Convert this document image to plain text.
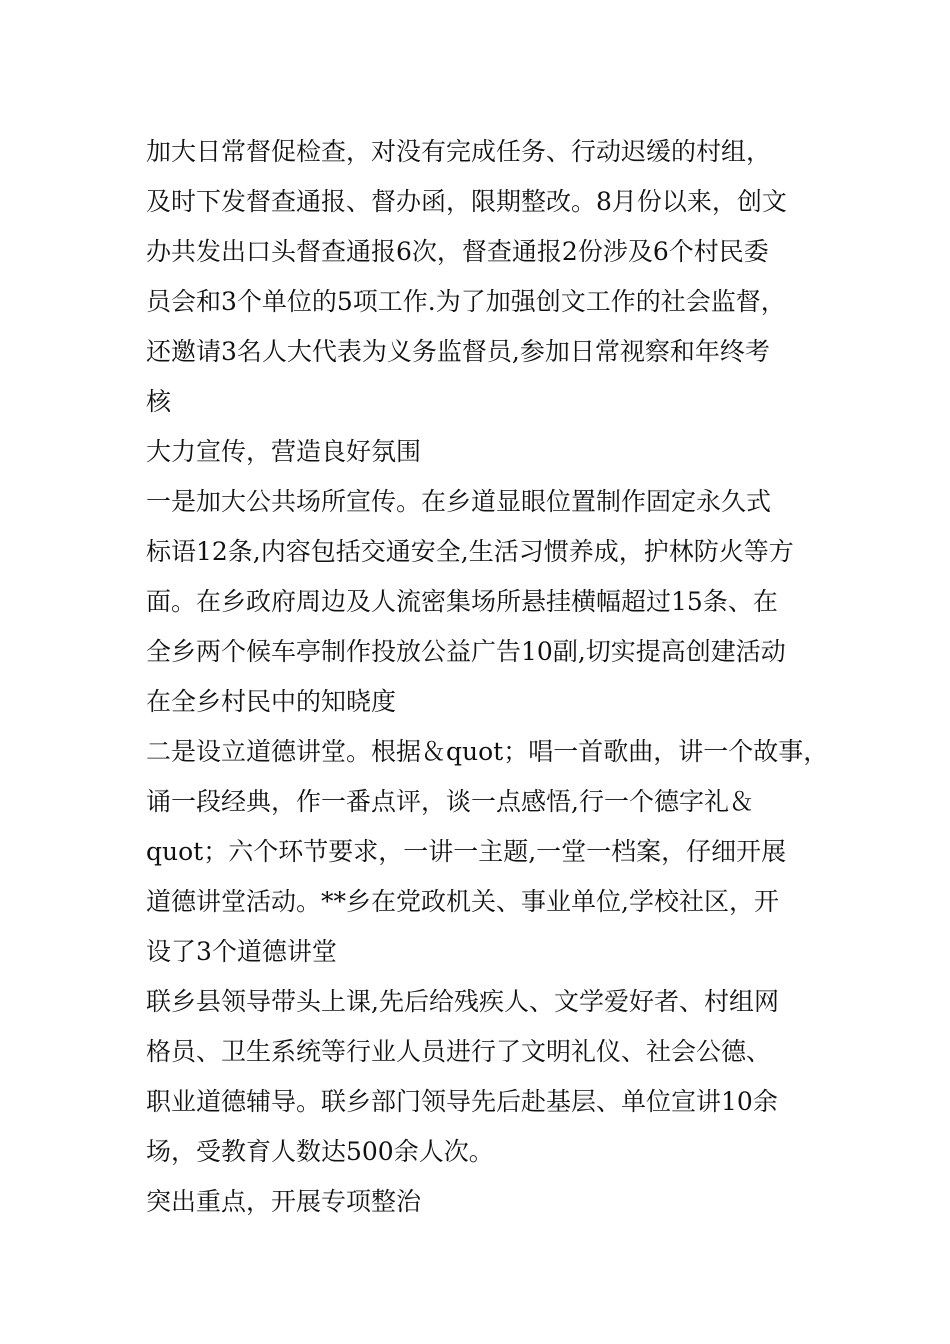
加大日常督促检查，对没有完成任务、行动迟缓的村组，
及时下发督查通报、督办函，限期整改。8月份以来，创文
办共发出口头督查通报6次，督查通报2份涉及6个村民委
员会和3个单位的5项工作.为了加强创文工作的社会监督，
还邀请3名人大代表为义务监督员,参加日常视察和年终考
核

大力宣传，营造良好氛围

一是加大公共场所宣传。在乡道显眼位置制作固定永久式
标语12条,内容包括交通安全,生活习惯养成，护林防火等方
面。在乡政府周边及人流密集场所悬挂横幅超过15条、在
全乡两个候车亭制作投放公益广告10副,切实提高创建活动
在全乡村民中的知晓度

二是设立道德讲堂。根据＆quot；唱一首歌曲，讲一个故事，
诵一段经典，作一番点评，谈一点感悟,行一个德字礼＆
quot；六个环节要求，一讲一主题,一堂一档案，仔细开展
道德讲堂活动。**乡在党政机关、事业单位,学校社区，开
设了3个道德讲堂

联乡县领导带头上课,先后给残疾人、文学爱好者、村组网
格员、卫生系统等行业人员进行了文明礼仪、社会公德、
职业道德辅导。联乡部门领导先后赴基层、单位宣讲10余
场，受教育人数达500余人次。

突出重点，开展专项整治
